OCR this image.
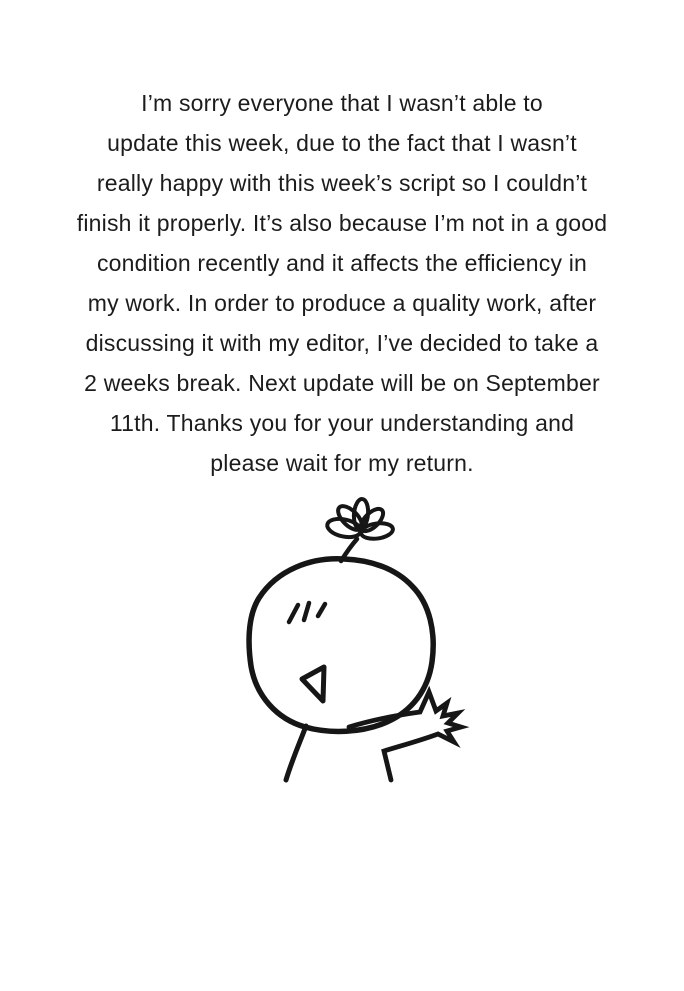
I’m sorry everyone that I wasn’t able to

update this week, due to the fact that I wasn’t

really happy with this week’s script so I couldn’t

finish it properly. It’s also because I’m not in a good

condition recently and it affects the efficiency in

my work. In order to produce a quality work, after

discussing it with my editor, I’ve decided to take a

2 weeks break. Next update will be on September

11th. Thanks you for your understanding and

please wait for my return.
